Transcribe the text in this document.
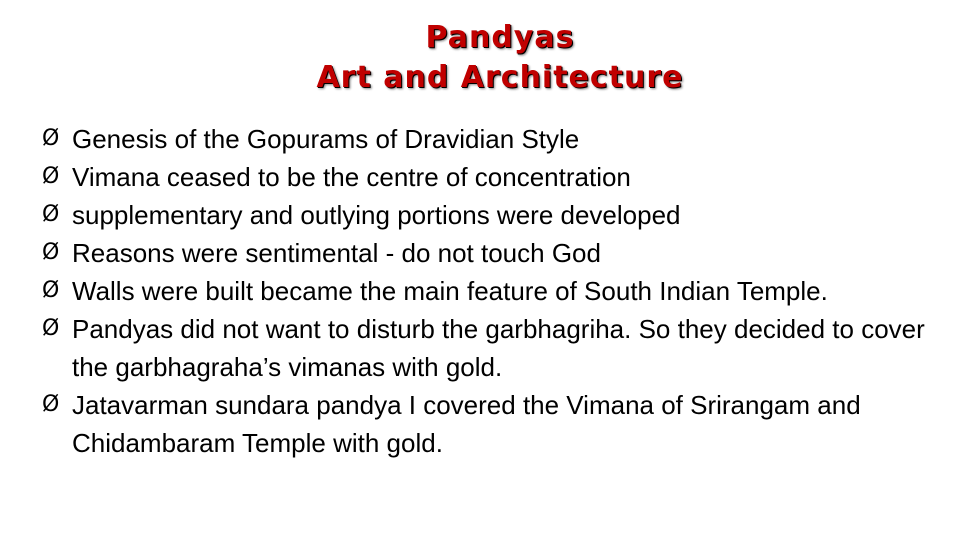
Pandyas
Art and Architecture
Ø Genesis of the Gopurams of Dravidian Style
Ø Vimana ceased to be the centre of concentration
Ø supplementary and outlying portions were developed
Ø Reasons were sentimental - do not touch God
Ø Walls were built became the main feature of South Indian Temple.
Ø Pandyas did not want to disturb the garbhagriha. So they decided to cover the garbhagraha’s vimanas with gold.
Ø Jatavarman sundara pandya I covered the Vimana of Srirangam and Chidambaram Temple with gold.
